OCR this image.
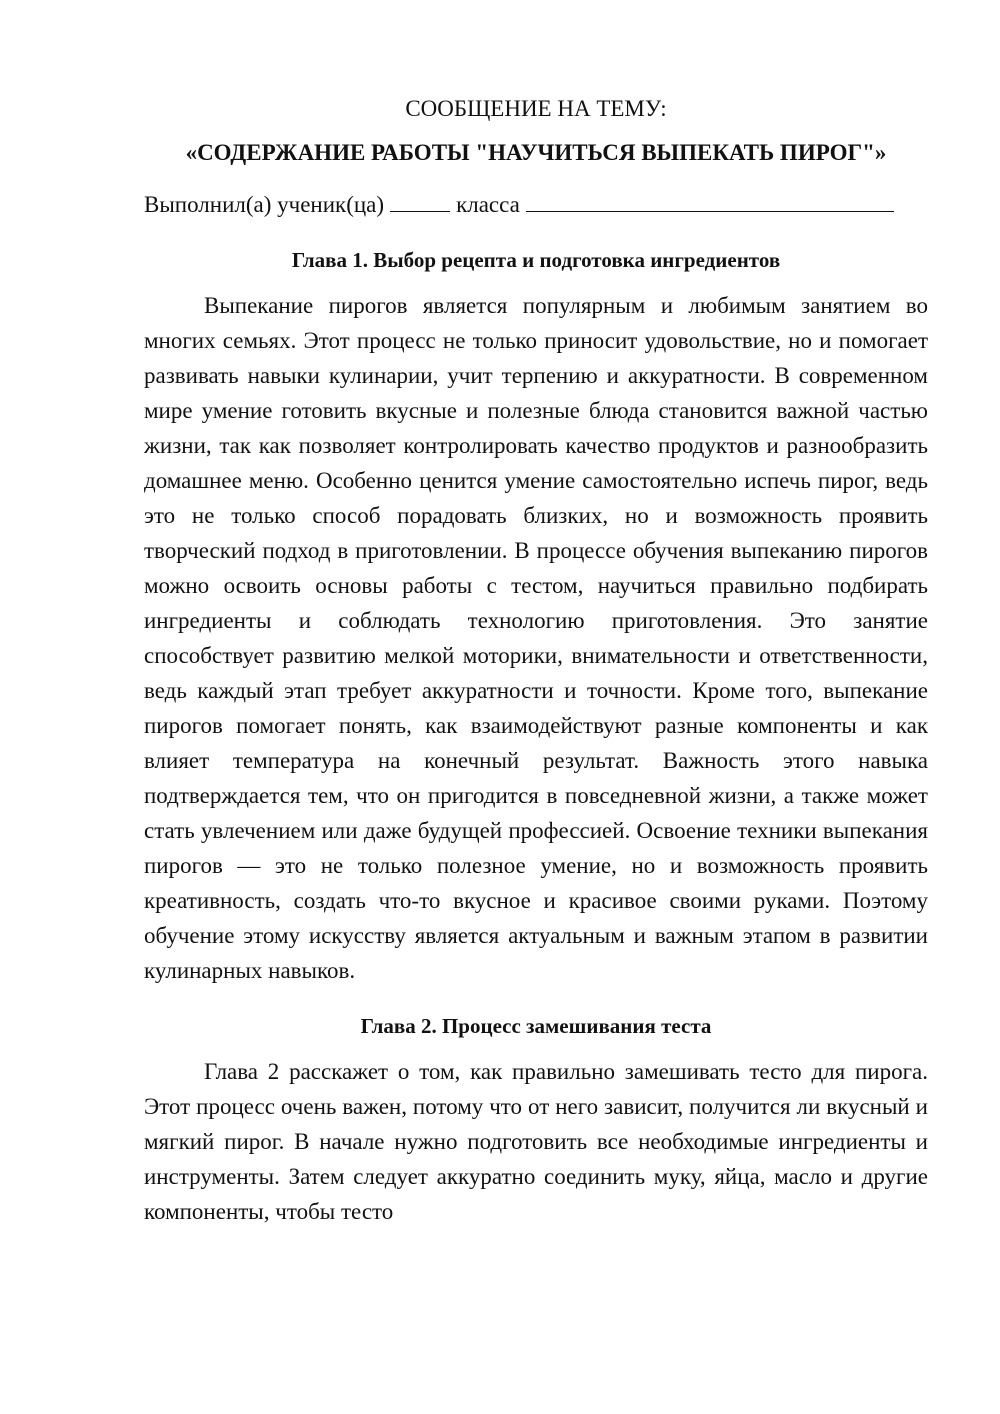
СООБЩЕНИЕ НА ТЕМУ:

«СОДЕРЖАНИЕ РАБОТЫ "НАУЧИТЬСЯ ВЫПЕКАТЬ ПИРОГ"»

Выполнил(а) ученик(ца)	класса

Глава 1. Выбор рецепта и подготовка ингредиентов

Выпекание пирогов является популярным и любимым занятием во многих семьях. Этот процесс не только приносит удовольствие, но и помогает развивать навыки кулинарии, учит терпению и аккуратности. В современном мире умение готовить вкусные и полезные блюда становится важной частью жизни, так как позволяет контролировать качество продуктов и разнообразить домашнее меню. Особенно ценится умение самостоятельно испечь пирог, ведь это не только способ порадовать близких, но и возможность проявить творческий подход в приготовлении. В процессе обучения выпеканию пирогов можно освоить основы работы с тестом, научиться правильно подбирать ингредиенты и соблюдать технологию приготовления. Это занятие способствует развитию мелкой моторики, внимательности и ответственности, ведь каждый этап требует аккуратности и точности. Кроме того, выпекание пирогов помогает понять, как взаимодействуют разные компоненты и как влияет температура на конечный результат. Важность этого навыка подтверждается тем, что он пригодится в повседневной жизни, а также может стать увлечением или даже будущей профессией. Освоение техники выпекания пирогов — это не только полезное умение, но и возможность проявить креативность, создать что-то вкусное и красивое своими руками. Поэтому обучение этому искусству является актуальным и важным этапом в развитии кулинарных навыков.

Глава 2. Процесс замешивания теста

Глава 2 расскажет о том, как правильно замешивать тесто для пирога. Этот процесс очень важен, потому что от него зависит, получится ли вкусный и мягкий пирог. В начале нужно подготовить все необходимые ингредиенты и инструменты. Затем следует аккуратно соединить муку, яйца, масло и другие компоненты, чтобы тесто
